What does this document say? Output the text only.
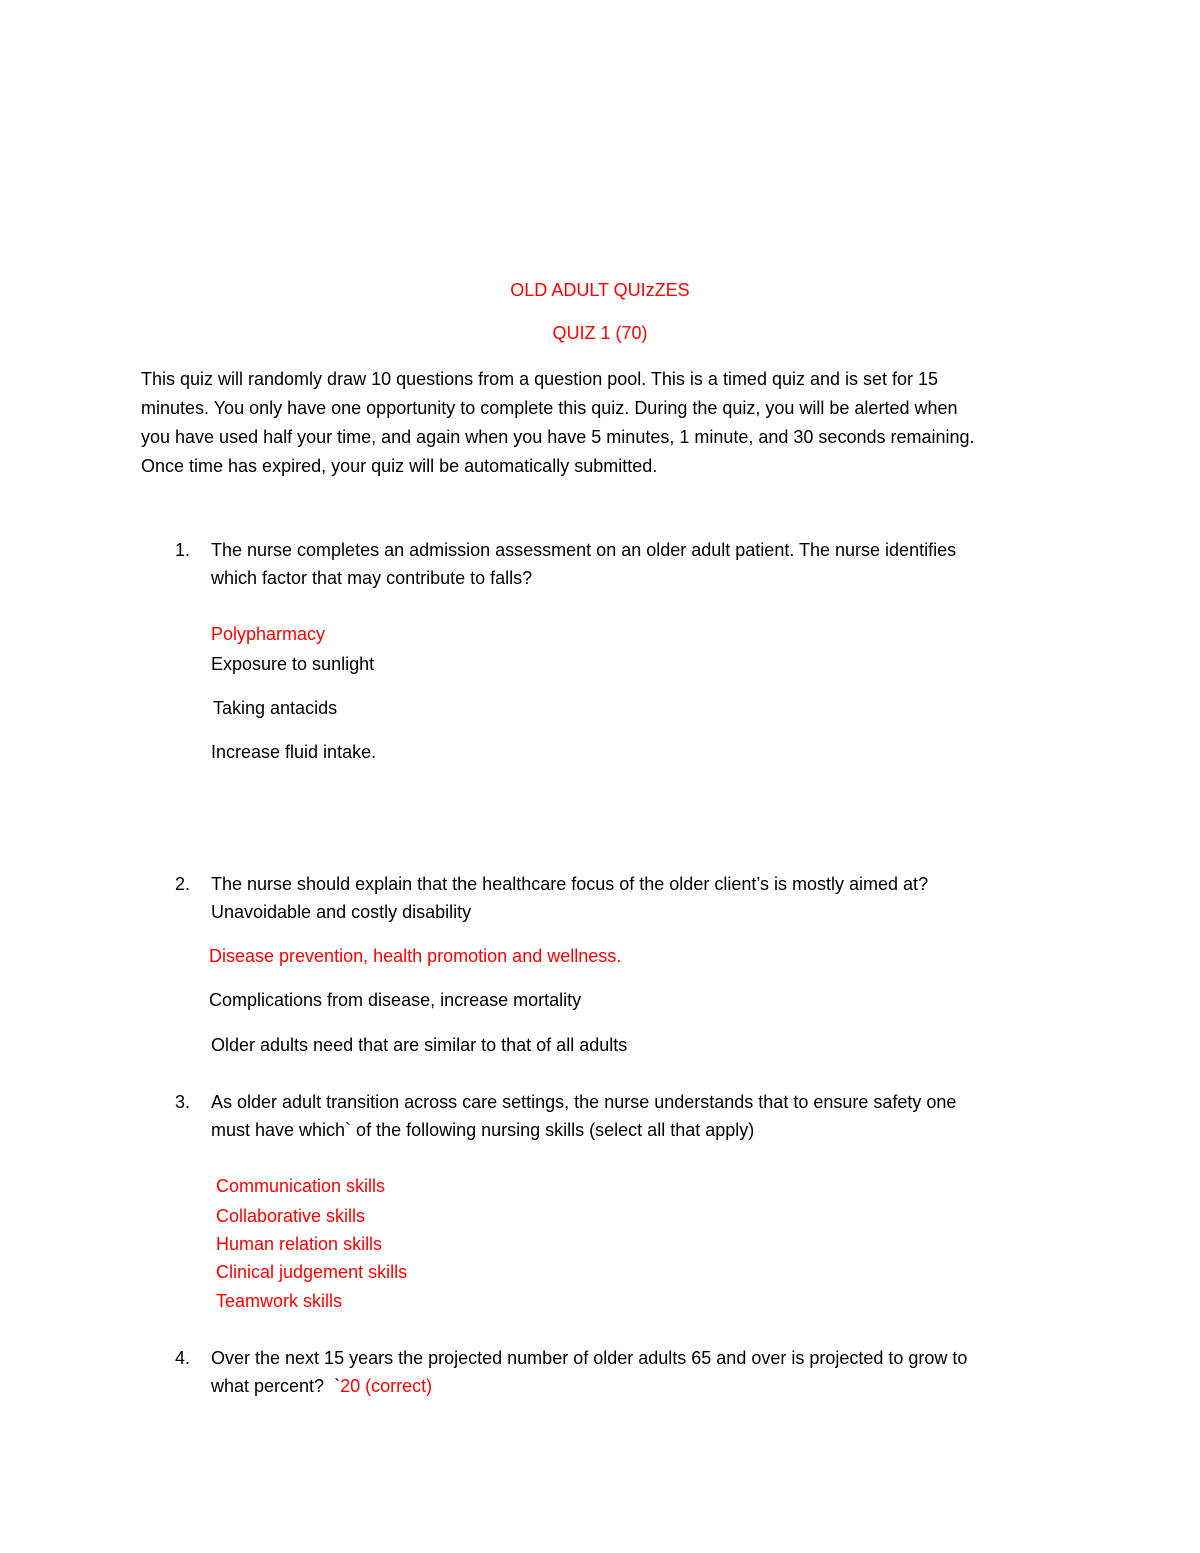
OLD ADULT QUIzZES
QUIZ 1 (70)
This quiz will randomly draw 10 questions from a question pool. This is a timed quiz and is set for 15
minutes. You only have one opportunity to complete this quiz. During the quiz, you will be alerted when
you have used half your time, and again when you have 5 minutes, 1 minute, and 30 seconds remaining.
Once time has expired, your quiz will be automatically submitted.
1.	The nurse completes an admission assessment on an older adult patient. The nurse identifies
which factor that may contribute to falls?
Polypharmacy
Exposure to sunlight
Taking antacids
Increase fluid intake.
2.	The nurse should explain that the healthcare focus of the older client’s is mostly aimed at?
Unavoidable and costly disability
Disease prevention, health promotion and wellness.
Complications from disease, increase mortality
Older adults need that are similar to that of all adults
3.	As older adult transition across care settings, the nurse understands that to ensure safety one
must have which` of the following nursing skills (select all that apply)
Communication skills
Collaborative skills
Human relation skills
Clinical judgement skills
Teamwork skills
4.	Over the next 15 years the projected number of older adults 65 and over is projected to grow to
what percent?  `20 (correct)
